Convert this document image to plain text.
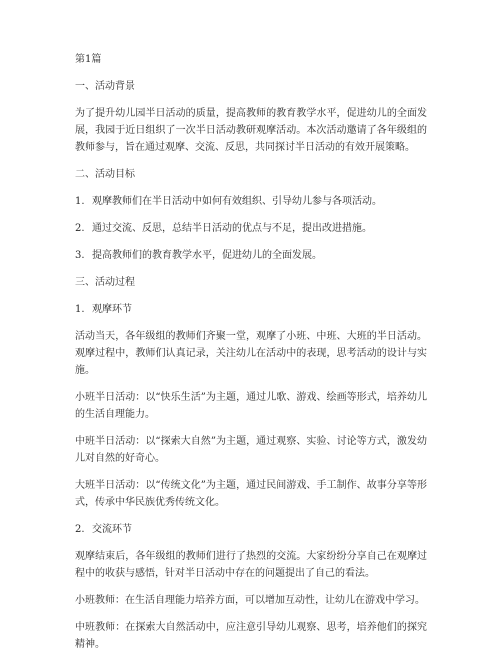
第1篇

一、活动背景

为了提升幼儿园半日活动的质量，提高教师的教育教学水平，促进幼儿的全面发展，我园于近日组织了一次半日活动教研观摩活动。本次活动邀请了各年级组的教师参与，旨在通过观摩、交流、反思，共同探讨半日活动的有效开展策略。

二、活动目标

1. 观摩教师们在半日活动中如何有效组织、引导幼儿参与各项活动。

2. 通过交流、反思，总结半日活动的优点与不足，提出改进措施。

3. 提高教师们的教育教学水平，促进幼儿的全面发展。

三、活动过程

1. 观摩环节

活动当天，各年级组的教师们齐聚一堂，观摩了小班、中班、大班的半日活动。观摩过程中，教师们认真记录，关注幼儿在活动中的表现，思考活动的设计与实施。

小班半日活动：以“快乐生活”为主题，通过儿歌、游戏、绘画等形式，培养幼儿的生活自理能力。

中班半日活动：以“探索大自然”为主题，通过观察、实验、讨论等方式，激发幼儿对自然的好奇心。

大班半日活动：以“传统文化”为主题，通过民间游戏、手工制作、故事分享等形式，传承中华民族优秀传统文化。

2. 交流环节

观摩结束后，各年级组的教师们进行了热烈的交流。大家纷纷分享自己在观摩过程中的收获与感悟，针对半日活动中存在的问题提出了自己的看法。

小班教师：在生活自理能力培养方面，可以增加互动性，让幼儿在游戏中学习。

中班教师：在探索大自然活动中，应注意引导幼儿观察、思考，培养他们的探究精神。
